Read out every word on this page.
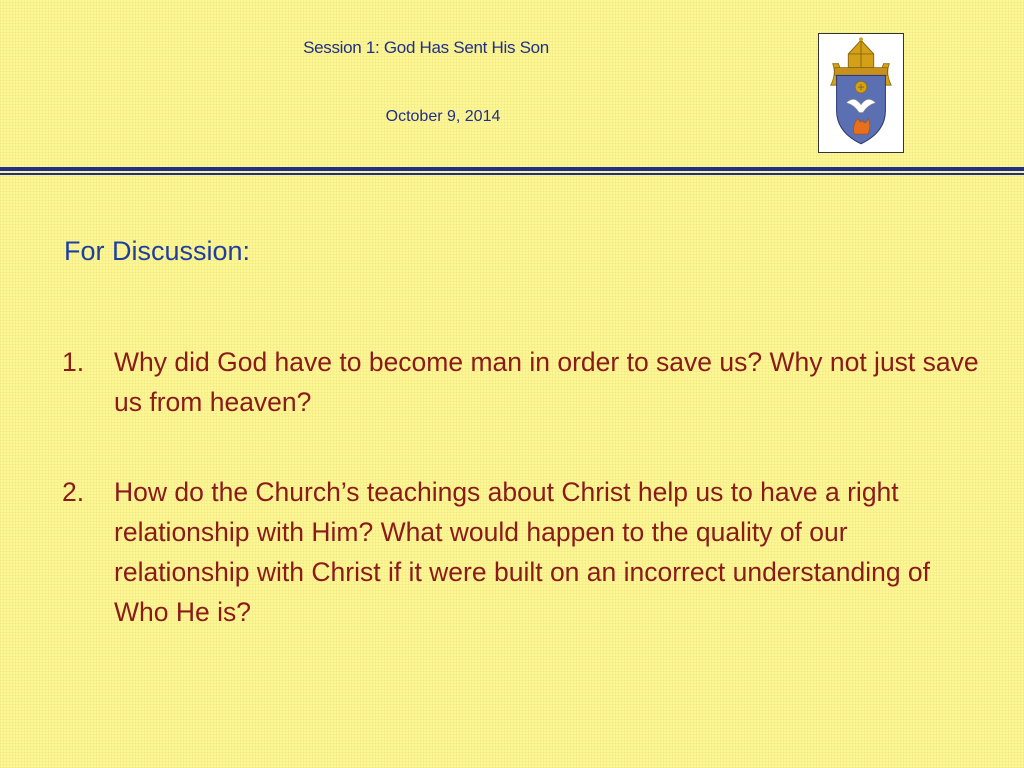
Session 1: God Has Sent His Son
October 9, 2014
For Discussion:
1.	Why did God have to become man in order to save us? Why not just save us from heaven?
2.	How do the Church’s teachings about Christ help us to have a right relationship with Him? What would happen to the quality of our relationship with Christ if it were built on an incorrect understanding of Who He is?
